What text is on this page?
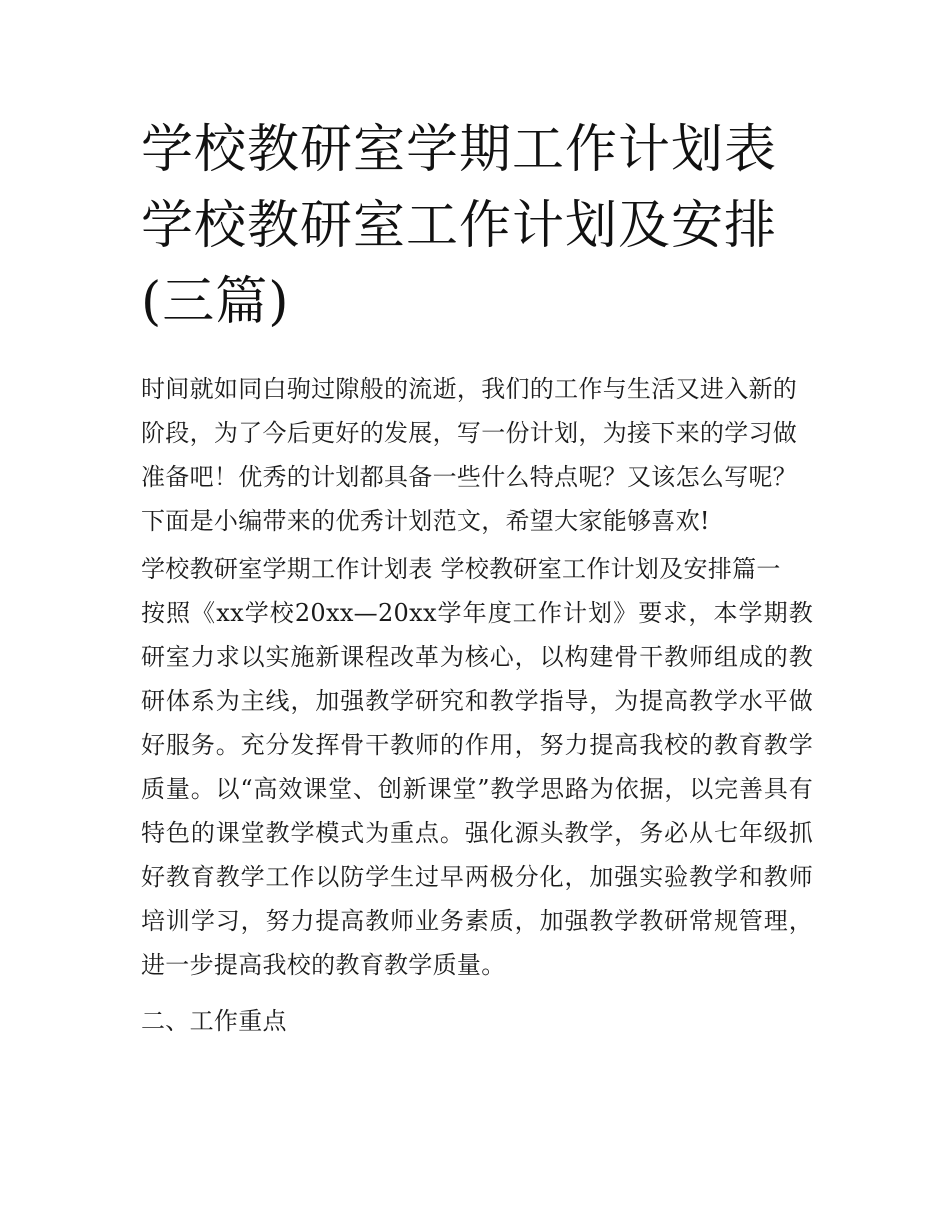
学校教研室学期工作计划表 学校教研室工作计划及安排(三篇)

时间就如同白驹过隙般的流逝，我们的工作与生活又进入新的阶段，为了今后更好的发展，写一份计划，为接下来的学习做准备吧！优秀的计划都具备一些什么特点呢？又该怎么写呢？下面是小编带来的优秀计划范文，希望大家能够喜欢!

学校教研室学期工作计划表 学校教研室工作计划及安排篇一

按照《xx学校20xx—20xx学年度工作计划》要求，本学期教研室力求以实施新课程改革为核心，以构建骨干教师组成的教研体系为主线，加强教学研究和教学指导，为提高教学水平做好服务。充分发挥骨干教师的作用，努力提高我校的教育教学质量。以“高效课堂、创新课堂”教学思路为依据，以完善具有特色的课堂教学模式为重点。强化源头教学，务必从七年级抓好教育教学工作以防学生过早两极分化，加强实验教学和教师培训学习，努力提高教师业务素质，加强教学教研常规管理，进一步提高我校的教育教学质量。

二、工作重点
